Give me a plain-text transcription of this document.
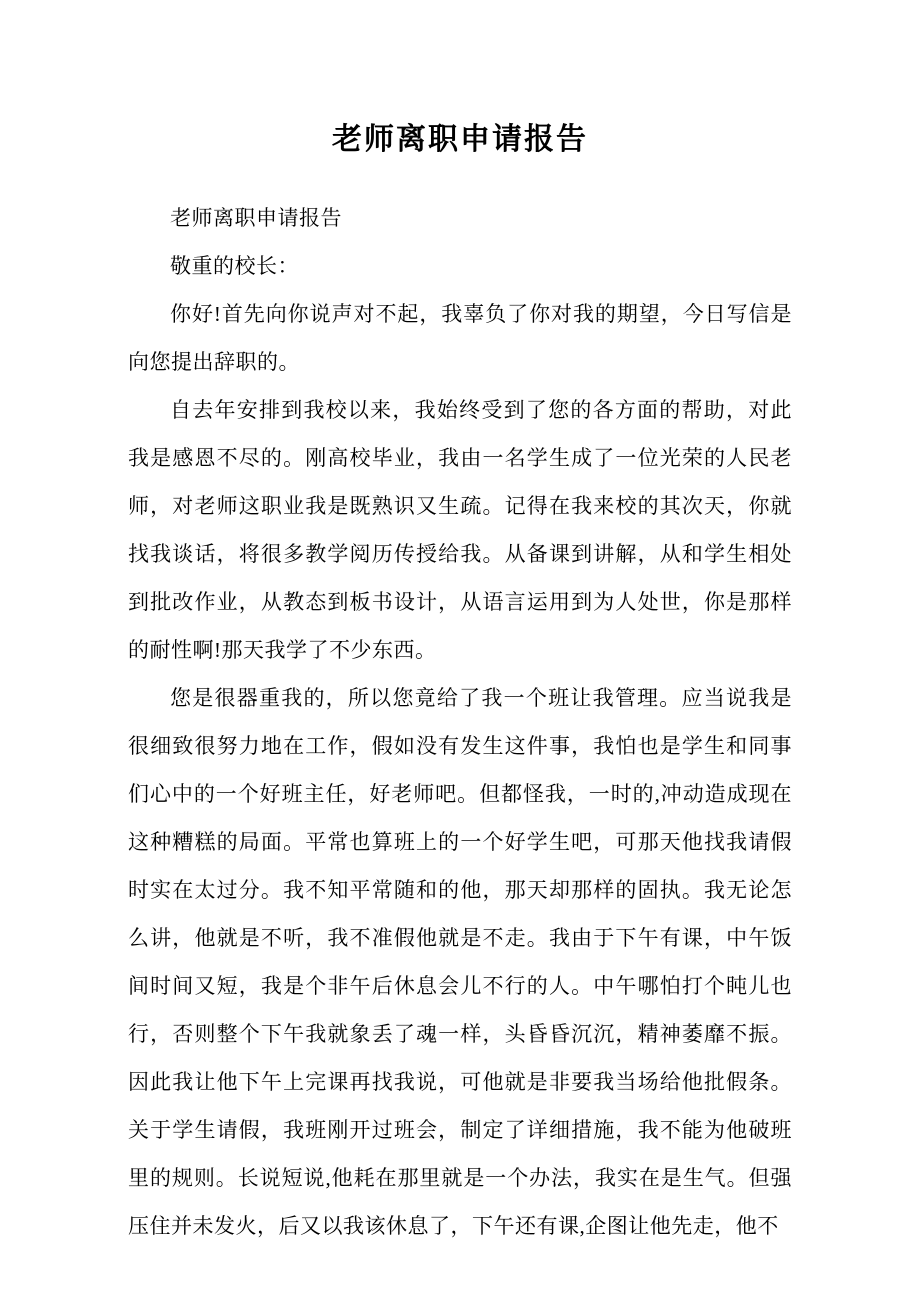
老师离职申请报告

老师离职申请报告

敬重的校长：

你好!首先向你说声对不起，我辜负了你对我的期望，今日写信是向您提出辞职的。

自去年安排到我校以来，我始终受到了您的各方面的帮助，对此我是感恩不尽的。刚高校毕业，我由一名学生成了一位光荣的人民老师，对老师这职业我是既熟识又生疏。记得在我来校的其次天，你就找我谈话，将很多教学阅历传授给我。从备课到讲解，从和学生相处到批改作业，从教态到板书设计，从语言运用到为人处世，你是那样的耐性啊!那天我学了不少东西。

您是很器重我的，所以您竟给了我一个班让我管理。应当说我是很细致很努力地在工作，假如没有发生这件事，我怕也是学生和同事们心中的一个好班主任，好老师吧。但都怪我，一时的,冲动造成现在这种糟糕的局面。平常也算班上的一个好学生吧，可那天他找我请假时实在太过分。我不知平常随和的他，那天却那样的固执。我无论怎么讲，他就是不听，我不准假他就是不走。我由于下午有课，中午饭间时间又短，我是个非午后休息会儿不行的人。中午哪怕打个盹儿也行，否则整个下午我就象丢了魂一样，头昏昏沉沉，精神萎靡不振。因此我让他下午上完课再找我说，可他就是非要我当场给他批假条。关于学生请假，我班刚开过班会，制定了详细措施，我不能为他破班里的规则。长说短说,他耗在那里就是一个办法，我实在是生气。但强压住并未发火，后又以我该休息了，下午还有课,企图让他先走，他不
